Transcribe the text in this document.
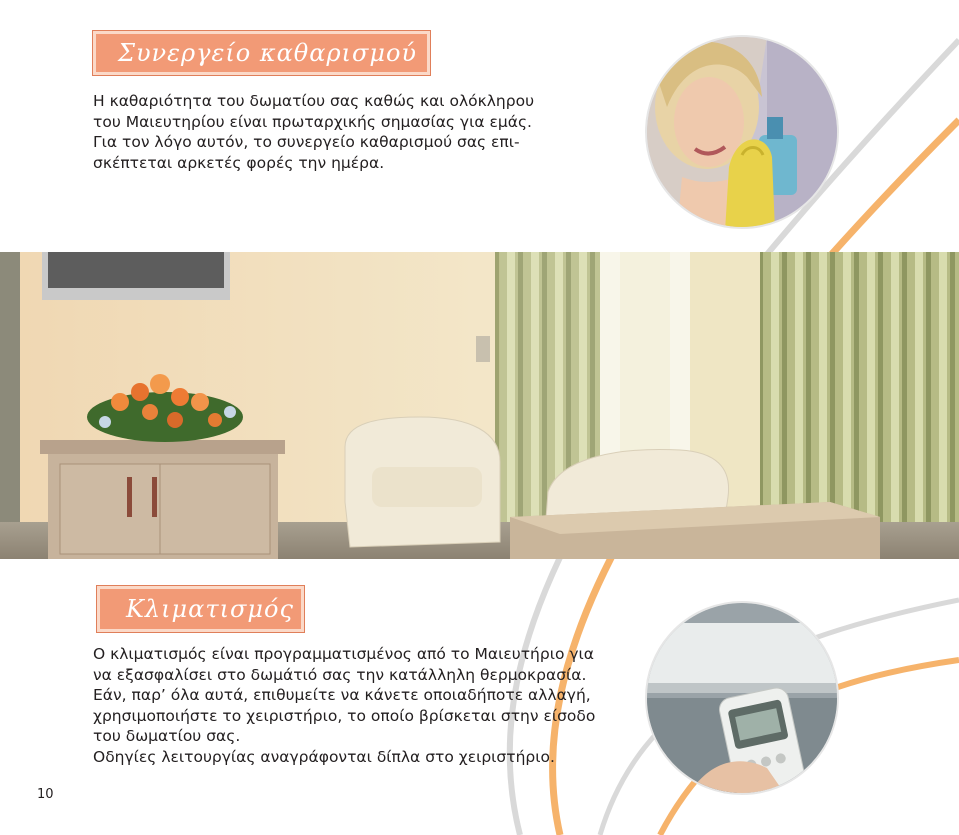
Συνεργείο καθαρισμού
Η καθαριότητα του δωματίου σας καθώς και ολόκληρου
του Μαιευτηρίου είναι πρωταρχικής σημασίας για εμάς.
Για τον λόγο αυτόν, το συνεργείο καθαρισμού σας επι-
σκέπτεται αρκετές φορές την ημέρα.
Κλιματισμός
Ο κλιματισμός είναι προγραμματισμένος από το Μαιευτήριο για
να εξασφαλίσει στο δωμάτιό σας την κατάλληλη θερμοκρασία.
Εάν, παρ’ όλα αυτά, επιθυμείτε να κάνετε οποιαδήποτε αλλαγή,
χρησιμοποιήστε το χειριστήριο, το οποίο βρίσκεται στην είσοδο
του δωματίου σας.
Οδηγίες λειτουργίας αναγράφονται δίπλα στο χειριστήριο.
10
